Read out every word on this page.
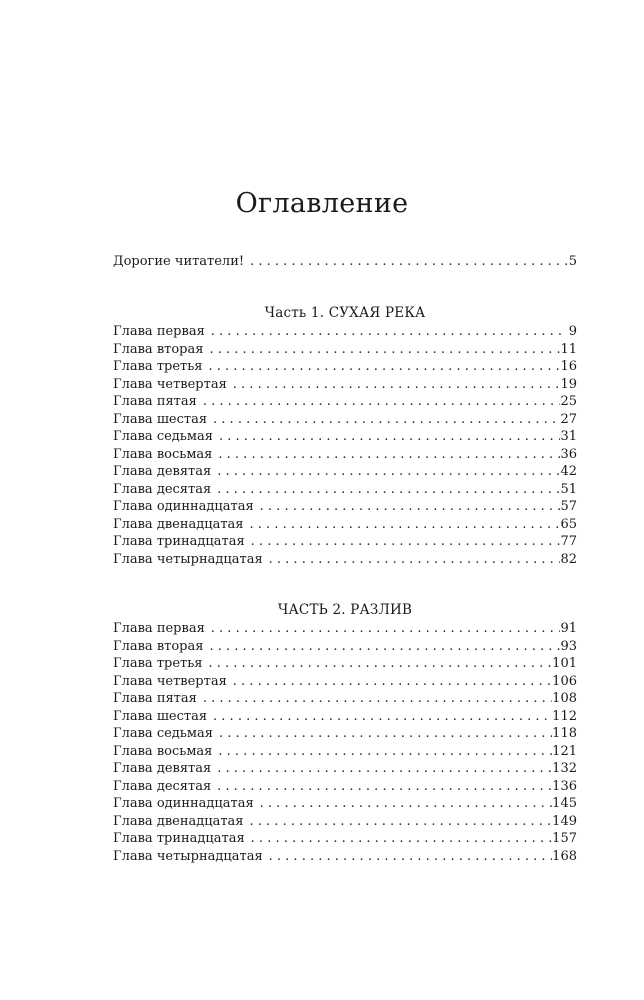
Оглавление
Дорогие читатели! . . .	5
Часть 1. СУХАЯ РЕКА
Глава первая . . .	9
Глава вторая . . .	11
Глава третья . . .	16
Глава четвертая . . .	19
Глава пятая . . .	25
Глава шестая . . .	27
Глава седьмая . . .	31
Глава восьмая . . .	36
Глава девятая . . .	42
Глава десятая . . .	51
Глава одиннадцатая . . .	57
Глава двенадцатая . . .	65
Глава тринадцатая . . .	77
Глава четырнадцатая . . .	82
ЧАСТЬ 2. РАЗЛИВ
Глава первая . . .	91
Глава вторая . . .	93
Глава третья . . .	101
Глава четвертая . . .	106
Глава пятая . . .	108
Глава шестая . . .	112
Глава седьмая . . .	118
Глава восьмая . . .	121
Глава девятая . . .	132
Глава десятая . . .	136
Глава одиннадцатая . . .	145
Глава двенадцатая . . .	149
Глава тринадцатая . . .	157
Глава четырнадцатая . . .	168
